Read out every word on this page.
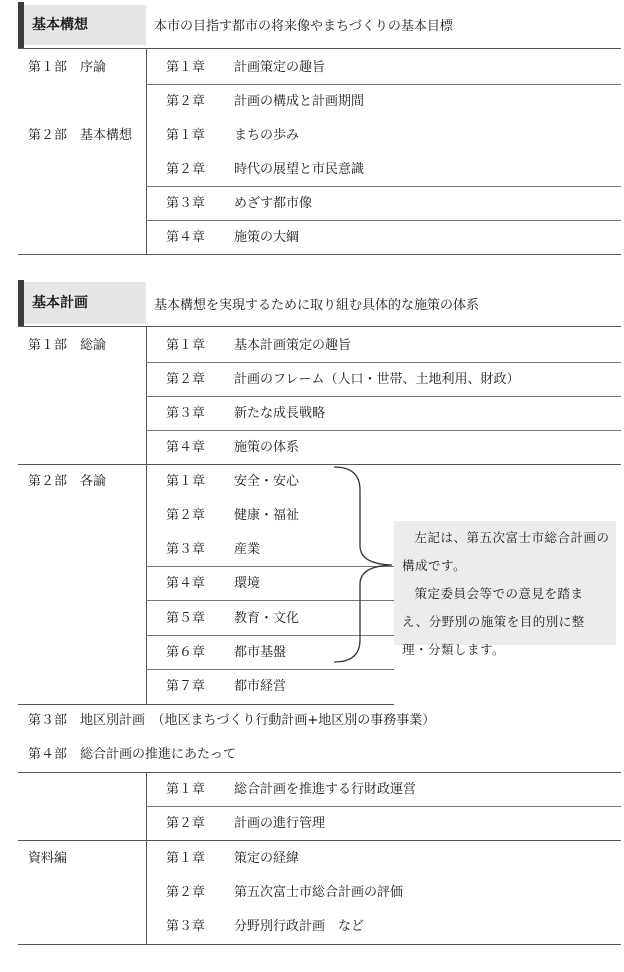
基本構想	本市の目指す都市の将来像やまちづくりの基本目標
第１部　序論	第１章 計画策定の趣旨
第２章 計画の構成と計画期間
第２部　基本構想	第１章 まちの歩み
第２章 時代の展望と市民意識
第３章 めざす都市像
第４章 施策の大綱
基本計画	基本構想を実現するために取り組む具体的な施策の体系
第１部　総論	第１章 基本計画策定の趣旨
第２章 計画のフレーム（人口・世帯、土地利用、財政）
第３章 新たな成長戦略
第４章 施策の体系
第２部　各論	第１章 安全・安心
第２章 健康・福祉
第３章 産業
第４章 環境
第５章 教育・文化
第６章 都市基盤
第７章 都市経営

左記は、第五次富士市総合計画の構成です。

策定委員会等での意見を踏まえ、分野別の施策を目的別に整理・分類します。

第３部　地区別計画　（地区まちづくり行動計画+地区別の事務事業）
第４部　総合計画の推進にあたって
第１章 総合計画を推進する行財政運営
第２章 計画の進行管理
資料編	第１章 策定の経緯
第２章 第五次富士市総合計画の評価
第３章 分野別行政計画　など
